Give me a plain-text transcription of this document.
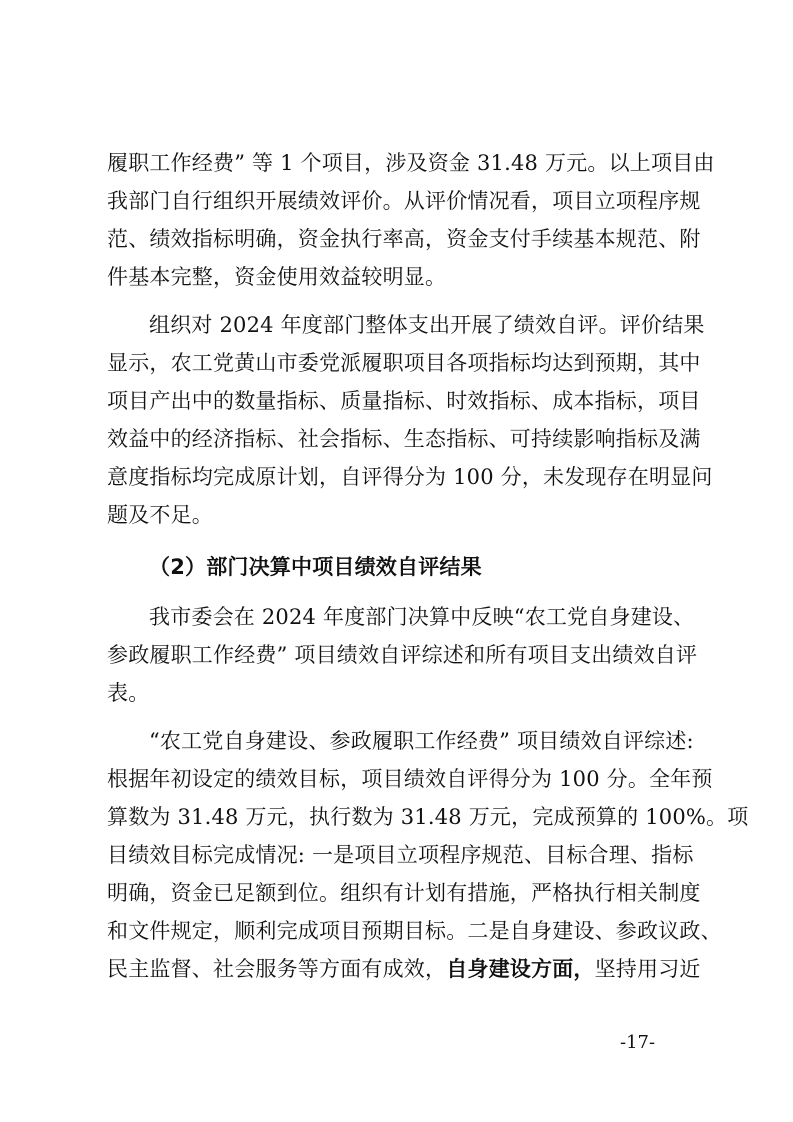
履职工作经费” 等 1 个项目，涉及资金 31.48 万元。以上项目由
我部门自行组织开展绩效评价。从评价情况看，项目立项程序规
范、绩效指标明确，资金执行率高，资金支付手续基本规范、附
件基本完整，资金使用效益较明显。
组织对 2024 年度部门整体支出开展了绩效自评。评价结果
显示，农工党黄山市委党派履职项目各项指标均达到预期，其中
项目产出中的数量指标、质量指标、时效指标、成本指标，项目
效益中的经济指标、社会指标、生态指标、可持续影响指标及满
意度指标均完成原计划，自评得分为 100 分，未发现存在明显问
题及不足。
（2）部门决算中项目绩效自评结果
我市委会在 2024 年度部门决算中反映“农工党自身建设、
参政履职工作经费” 项目绩效自评综述和所有项目支出绩效自评
表。
“农工党自身建设、参政履职工作经费” 项目绩效自评综述:
根据年初设定的绩效目标，项目绩效自评得分为 100 分。全年预
算数为 31.48 万元，执行数为 31.48 万元，完成预算的 100%。项
目绩效目标完成情况: 一是项目立项程序规范、目标合理、指标
明确，资金已足额到位。组织有计划有措施，严格执行相关制度
和文件规定，顺利完成项目预期目标。二是自身建设、参政议政、
民主监督、社会服务等方面有成效，自身建设方面，坚持用习近
-17-
